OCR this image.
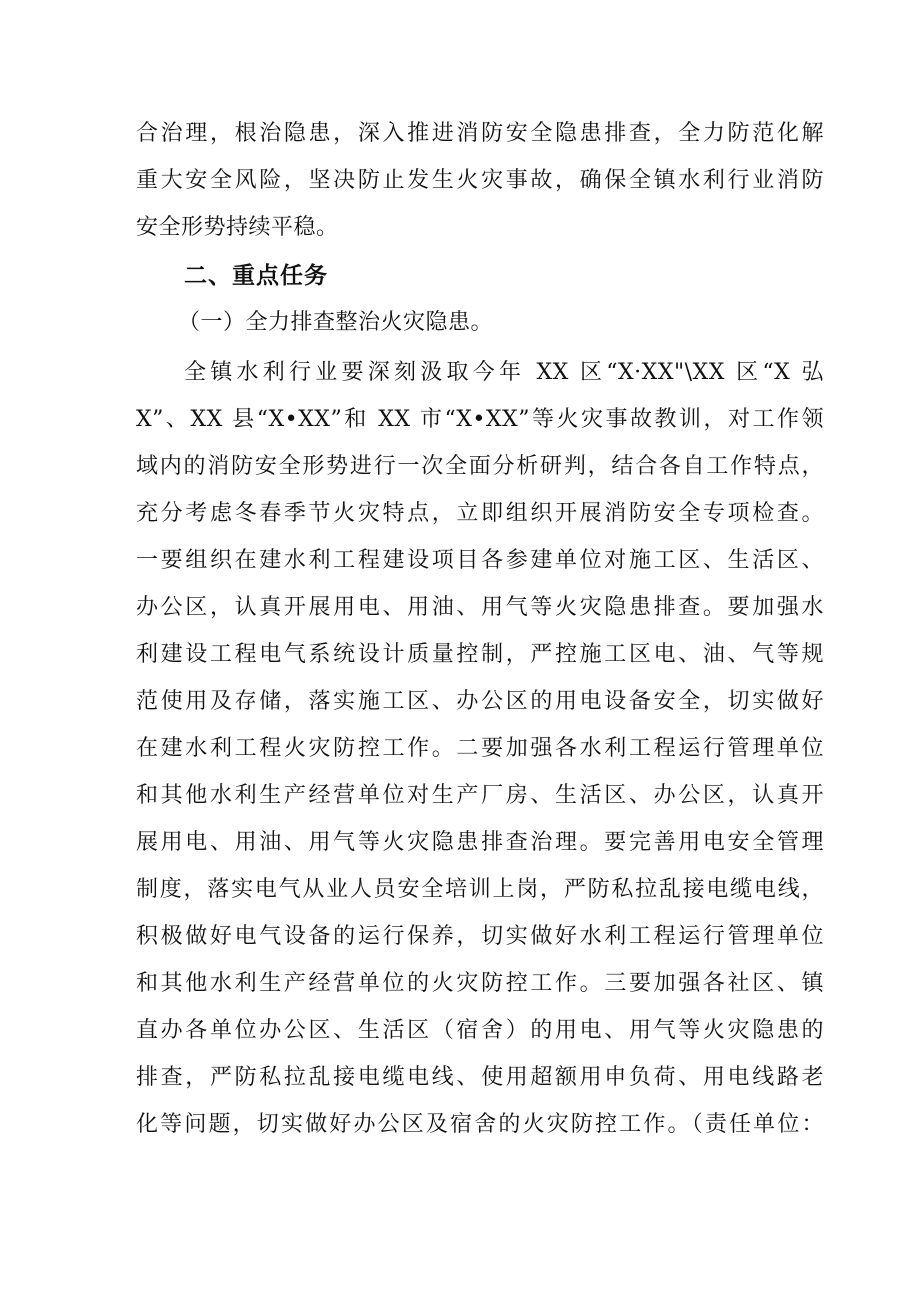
合治理，根治隐患，深入推进消防安全隐患排查，全力防范化解
重大安全风险，坚决防止发生火灾事故，确保全镇水利行业消防
安全形势持续平稳。
二、重点任务
（一）全力排查整治火灾隐患。
全镇水利行业要深刻汲取今年 XX 区“X·XX"\XX 区“X 弘
X”、XX 县“X•XX”和 XX 市“X•XX”等火灾事故教训，对工作领
域内的消防安全形势进行一次全面分析研判，结合各自工作特点，
充分考虑冬春季节火灾特点，立即组织开展消防安全专项检查。
一要组织在建水利工程建设项目各参建单位对施工区、生活区、
办公区，认真开展用电、用油、用气等火灾隐患排查。要加强水
利建设工程电气系统设计质量控制，严控施工区电、油、气等规
范使用及存储，落实施工区、办公区的用电设备安全，切实做好
在建水利工程火灾防控工作。二要加强各水利工程运行管理单位
和其他水利生产经营单位对生产厂房、生活区、办公区，认真开
展用电、用油、用气等火灾隐患排查治理。要完善用电安全管理
制度，落实电气从业人员安全培训上岗，严防私拉乱接电缆电线，
积极做好电气设备的运行保养，切实做好水利工程运行管理单位
和其他水利生产经营单位的火灾防控工作。三要加强各社区、镇
直办各单位办公区、生活区（宿舍）的用电、用气等火灾隐患的
排查，严防私拉乱接电缆电线、使用超额用申负荷、用电线路老
化等问题，切实做好办公区及宿舍的火灾防控工作。（责任单位：
